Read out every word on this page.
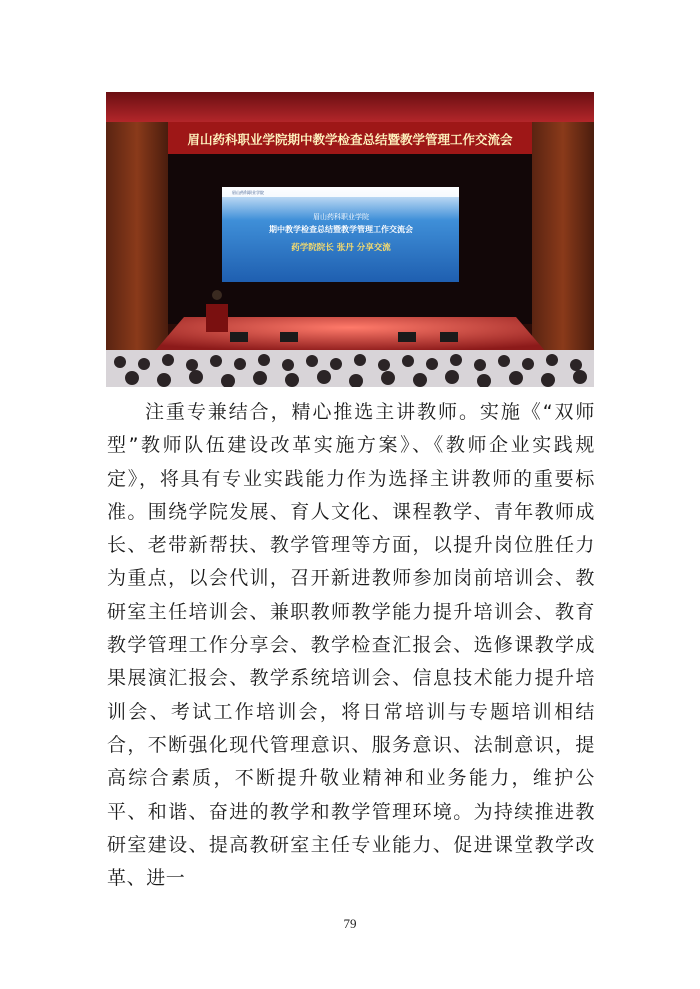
眉山药科职业学院期中教学检查总结暨教学管理工作交流会
眉山药科职业学院
眉山药科职业学院
期中教学检查总结暨教学管理工作交流会
药学院院长 张丹 分享交流

注重专兼结合，精心推选主讲教师。实施《“双师型”教师队伍建设改革实施方案》、《教师企业实践规定》，将具有专业实践能力作为选择主讲教师的重要标准。围绕学院发展、育人文化、课程教学、青年教师成长、老带新帮扶、教学管理等方面，以提升岗位胜任力为重点，以会代训，召开新进教师参加岗前培训会、教研室主任培训会、兼职教师教学能力提升培训会、教育教学管理工作分享会、教学检查汇报会、选修课教学成果展演汇报会、教学系统培训会、信息技术能力提升培训会、考试工作培训会，将日常培训与专题培训相结合，不断强化现代管理意识、服务意识、法制意识，提高综合素质，不断提升敬业精神和业务能力，维护公平、和谐、奋进的教学和教学管理环境。为持续推进教研室建设、提高教研室主任专业能力、促进课堂教学改革、进一

79
